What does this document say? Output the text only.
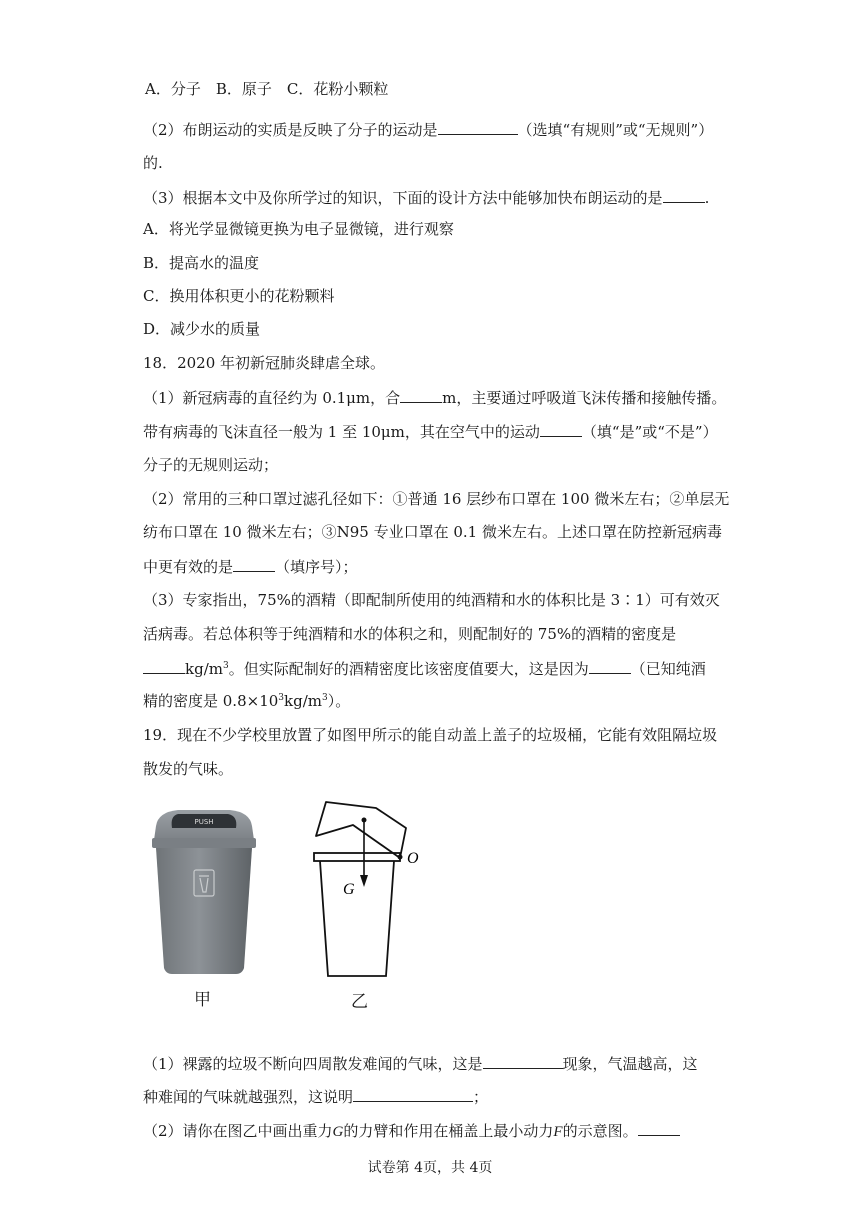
A．分子　B．原子　C．花粉小颗粒
（2）布朗运动的实质是反映了分子的运动是	（选填“有规则”或“无规则”）
的.
（3）根据本文中及你所学过的知识，下面的设计方法中能够加快布朗运动的是	.
A．将光学显微镜更换为电子显微镜，进行观察
B．提高水的温度
C．换用体积更小的花粉颗料
D．减少水的质量
18．2020 年初新冠肺炎肆虐全球。
（1）新冠病毒的直径约为 0.1μm，合	m，主要通过呼吸道飞沫传播和接触传播。
带有病毒的飞沫直径一般为 1 至 10μm，其在空气中的运动	（填“是”或“不是”）
分子的无规则运动；
（2）常用的三种口罩过滤孔径如下：①普通 16 层纱布口罩在 100 微米左右；②单层无
纺布口罩在 10 微米左右；③N95 专业口罩在 0.1 微米左右。上述口罩在防控新冠病毒
中更有效的是	（填序号）；
（3）专家指出，75%的酒精（即配制所使用的纯酒精和水的体积比是 3∶1）可有效灭
活病毒。若总体积等于纯酒精和水的体积之和，则配制好的 75%的酒精的密度是
$kg/m^3$。但实际配制好的酒精密度比该密度值要大，这是因为	（已知纯酒
精的密度是 $0.8\times 10^3kg/m^3$）。
19．现在不少学校里放置了如图甲所示的能自动盖上盖子的垃圾桶，它能有效阻隔垃圾
散发的气味。
PUSH
O
G
甲	乙
（1）裸露的垃圾不断向四周散发难闻的气味，这是	现象，气温越高，这
种难闻的气味就越强烈，这说明	；
（2）请你在图乙中画出重力G的力臂和作用在桶盖上最小动力F的示意图。
试卷第 4页，共 4页
